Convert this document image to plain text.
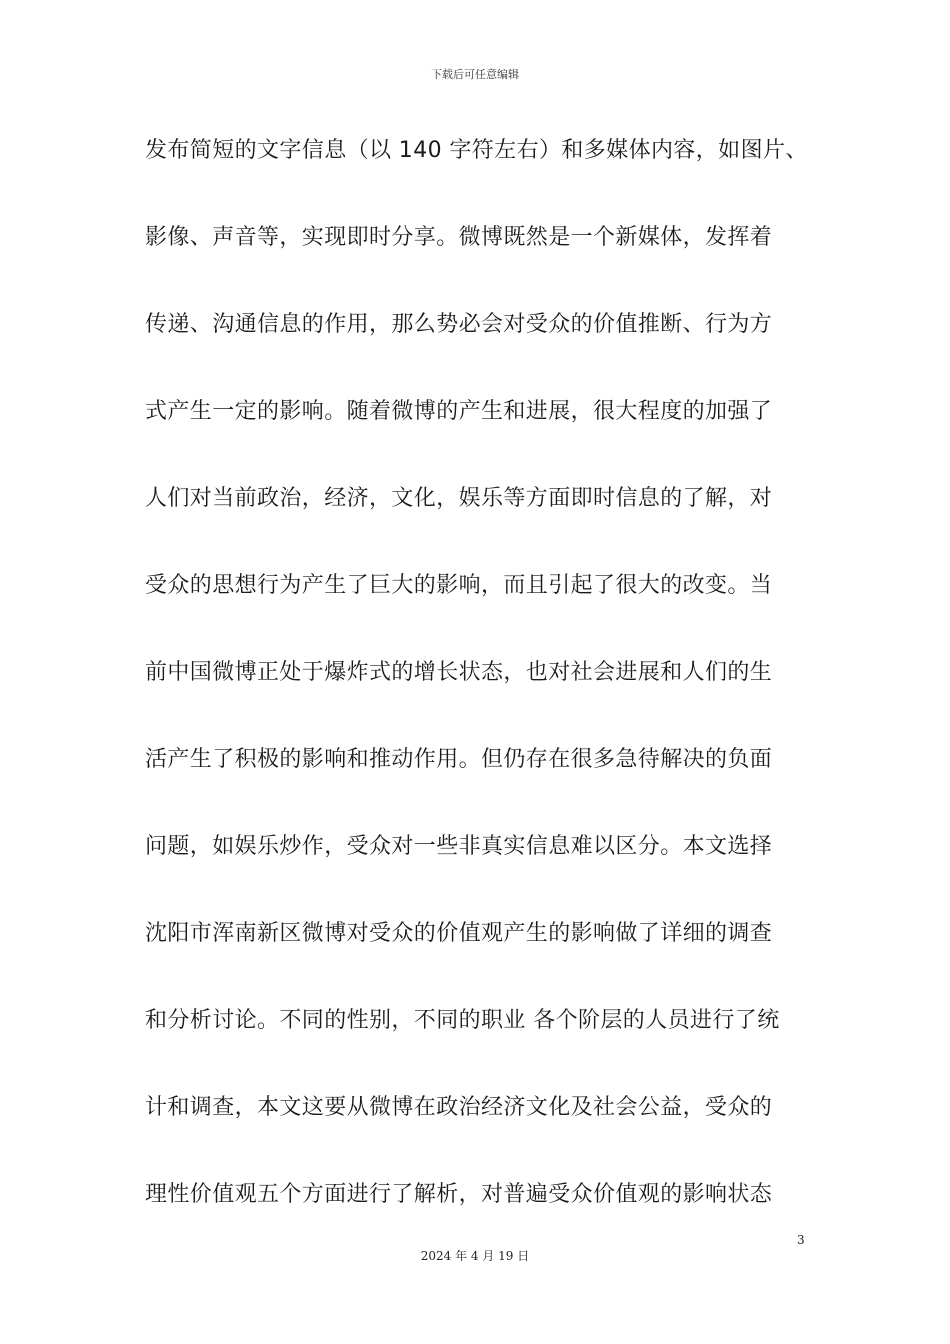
下载后可任意编辑
发布简短的文字信息（以 140 字符左右）和多媒体内容，如图片、
影像、声音等，实现即时分享。微博既然是一个新媒体，发挥着
传递、沟通信息的作用，那么势必会对受众的价值推断、行为方
式产生一定的影响。随着微博的产生和进展，很大程度的加强了
人们对当前政治，经济，文化，娱乐等方面即时信息的了解，对
受众的思想行为产生了巨大的影响，而且引起了很大的改变。当
前中国微博正处于爆炸式的增长状态，也对社会进展和人们的生
活产生了积极的影响和推动作用。但仍存在很多急待解决的负面
问题，如娱乐炒作，受众对一些非真实信息难以区分。本文选择
沈阳市浑南新区微博对受众的价值观产生的影响做了详细的调查
和分析讨论。不同的性别，不同的职业 各个阶层的人员进行了统
计和调查，本文这要从微博在政治经济文化及社会公益，受众的
理性价值观五个方面进行了解析，对普遍受众价值观的影响状态
3
2024 年 4 月 19 日
